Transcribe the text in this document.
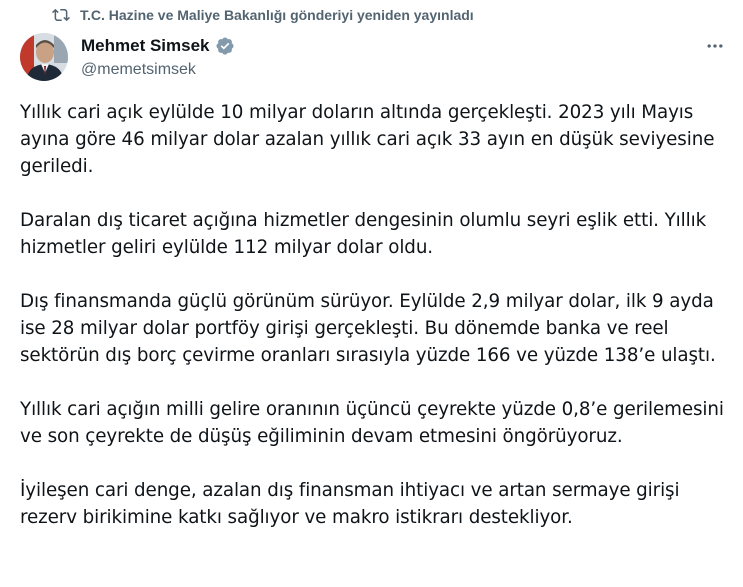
T.C. Hazine ve Maliye Bakanlığı gönderiyi yeniden yayınladı
Mehmet Simsek
@memetsimsek

Yıllık cari açık eylülde 10 milyar doların altında gerçekleşti. 2023 yılı Mayıs ayına göre 46 milyar dolar azalan yıllık cari açık 33 ayın en düşük seviyesine geriledi.

Daralan dış ticaret açığına hizmetler dengesinin olumlu seyri eşlik etti. Yıllık hizmetler geliri eylülde 112 milyar dolar oldu.

Dış finansmanda güçlü görünüm sürüyor. Eylülde 2,9 milyar dolar, ilk 9 ayda ise 28 milyar dolar portföy girişi gerçekleşti. Bu dönemde banka ve reel sektörün dış borç çevirme oranları sırasıyla yüzde 166 ve yüzde 138’e ulaştı.

Yıllık cari açığın milli gelire oranının üçüncü çeyrekte yüzde 0,8’e gerilemesini ve son çeyrekte de düşüş eğiliminin devam etmesini öngörüyoruz.

İyileşen cari denge, azalan dış finansman ihtiyacı ve artan sermaye girişi rezerv birikimine katkı sağlıyor ve makro istikrarı destekliyor.
